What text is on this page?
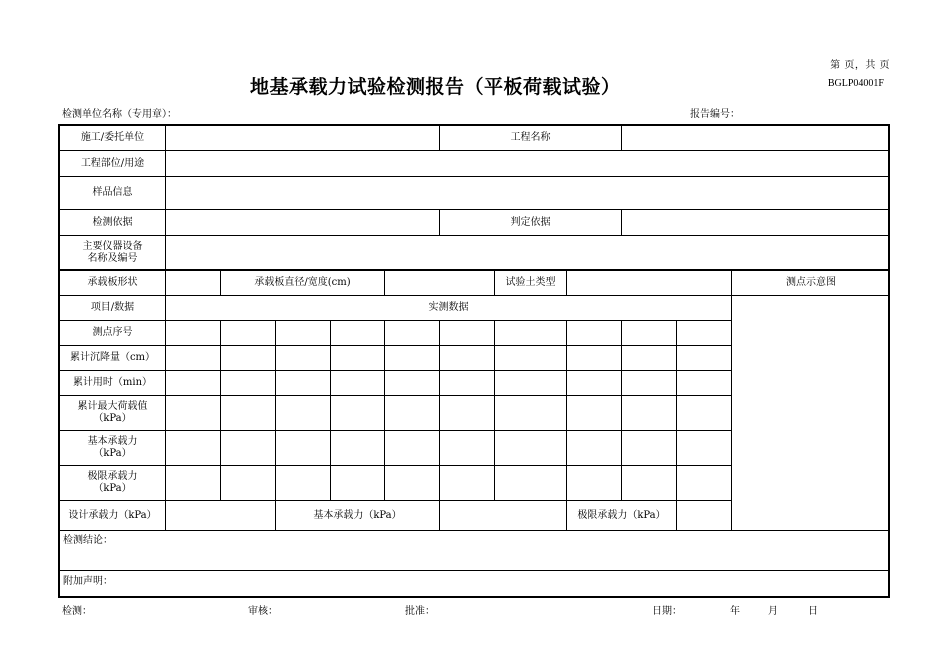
第 页，共 页
BGLP04001F
地基承载力试验检测报告（平板荷载试验）
检测单位名称（专用章）：	报告编号：
施工/委托单位	工程名称
工程部位/用途
样品信息
检测依据	判定依据
主要仪器设备
名称及编号
承载板形状	承载板直径/宽度(cm)	试验土类型	测点示意图
项目/数据	实测数据
测点序号
累计沉降量（cm）
累计用时（min）
累计最大荷载值
（kPa）
基本承载力
（kPa）
极限承载力
（kPa）
设计承载力（kPa）	基本承载力（kPa）	极限承载力（kPa）
检测结论：
附加声明：
检测：	审核：	批准：	日期：	年	月	日
